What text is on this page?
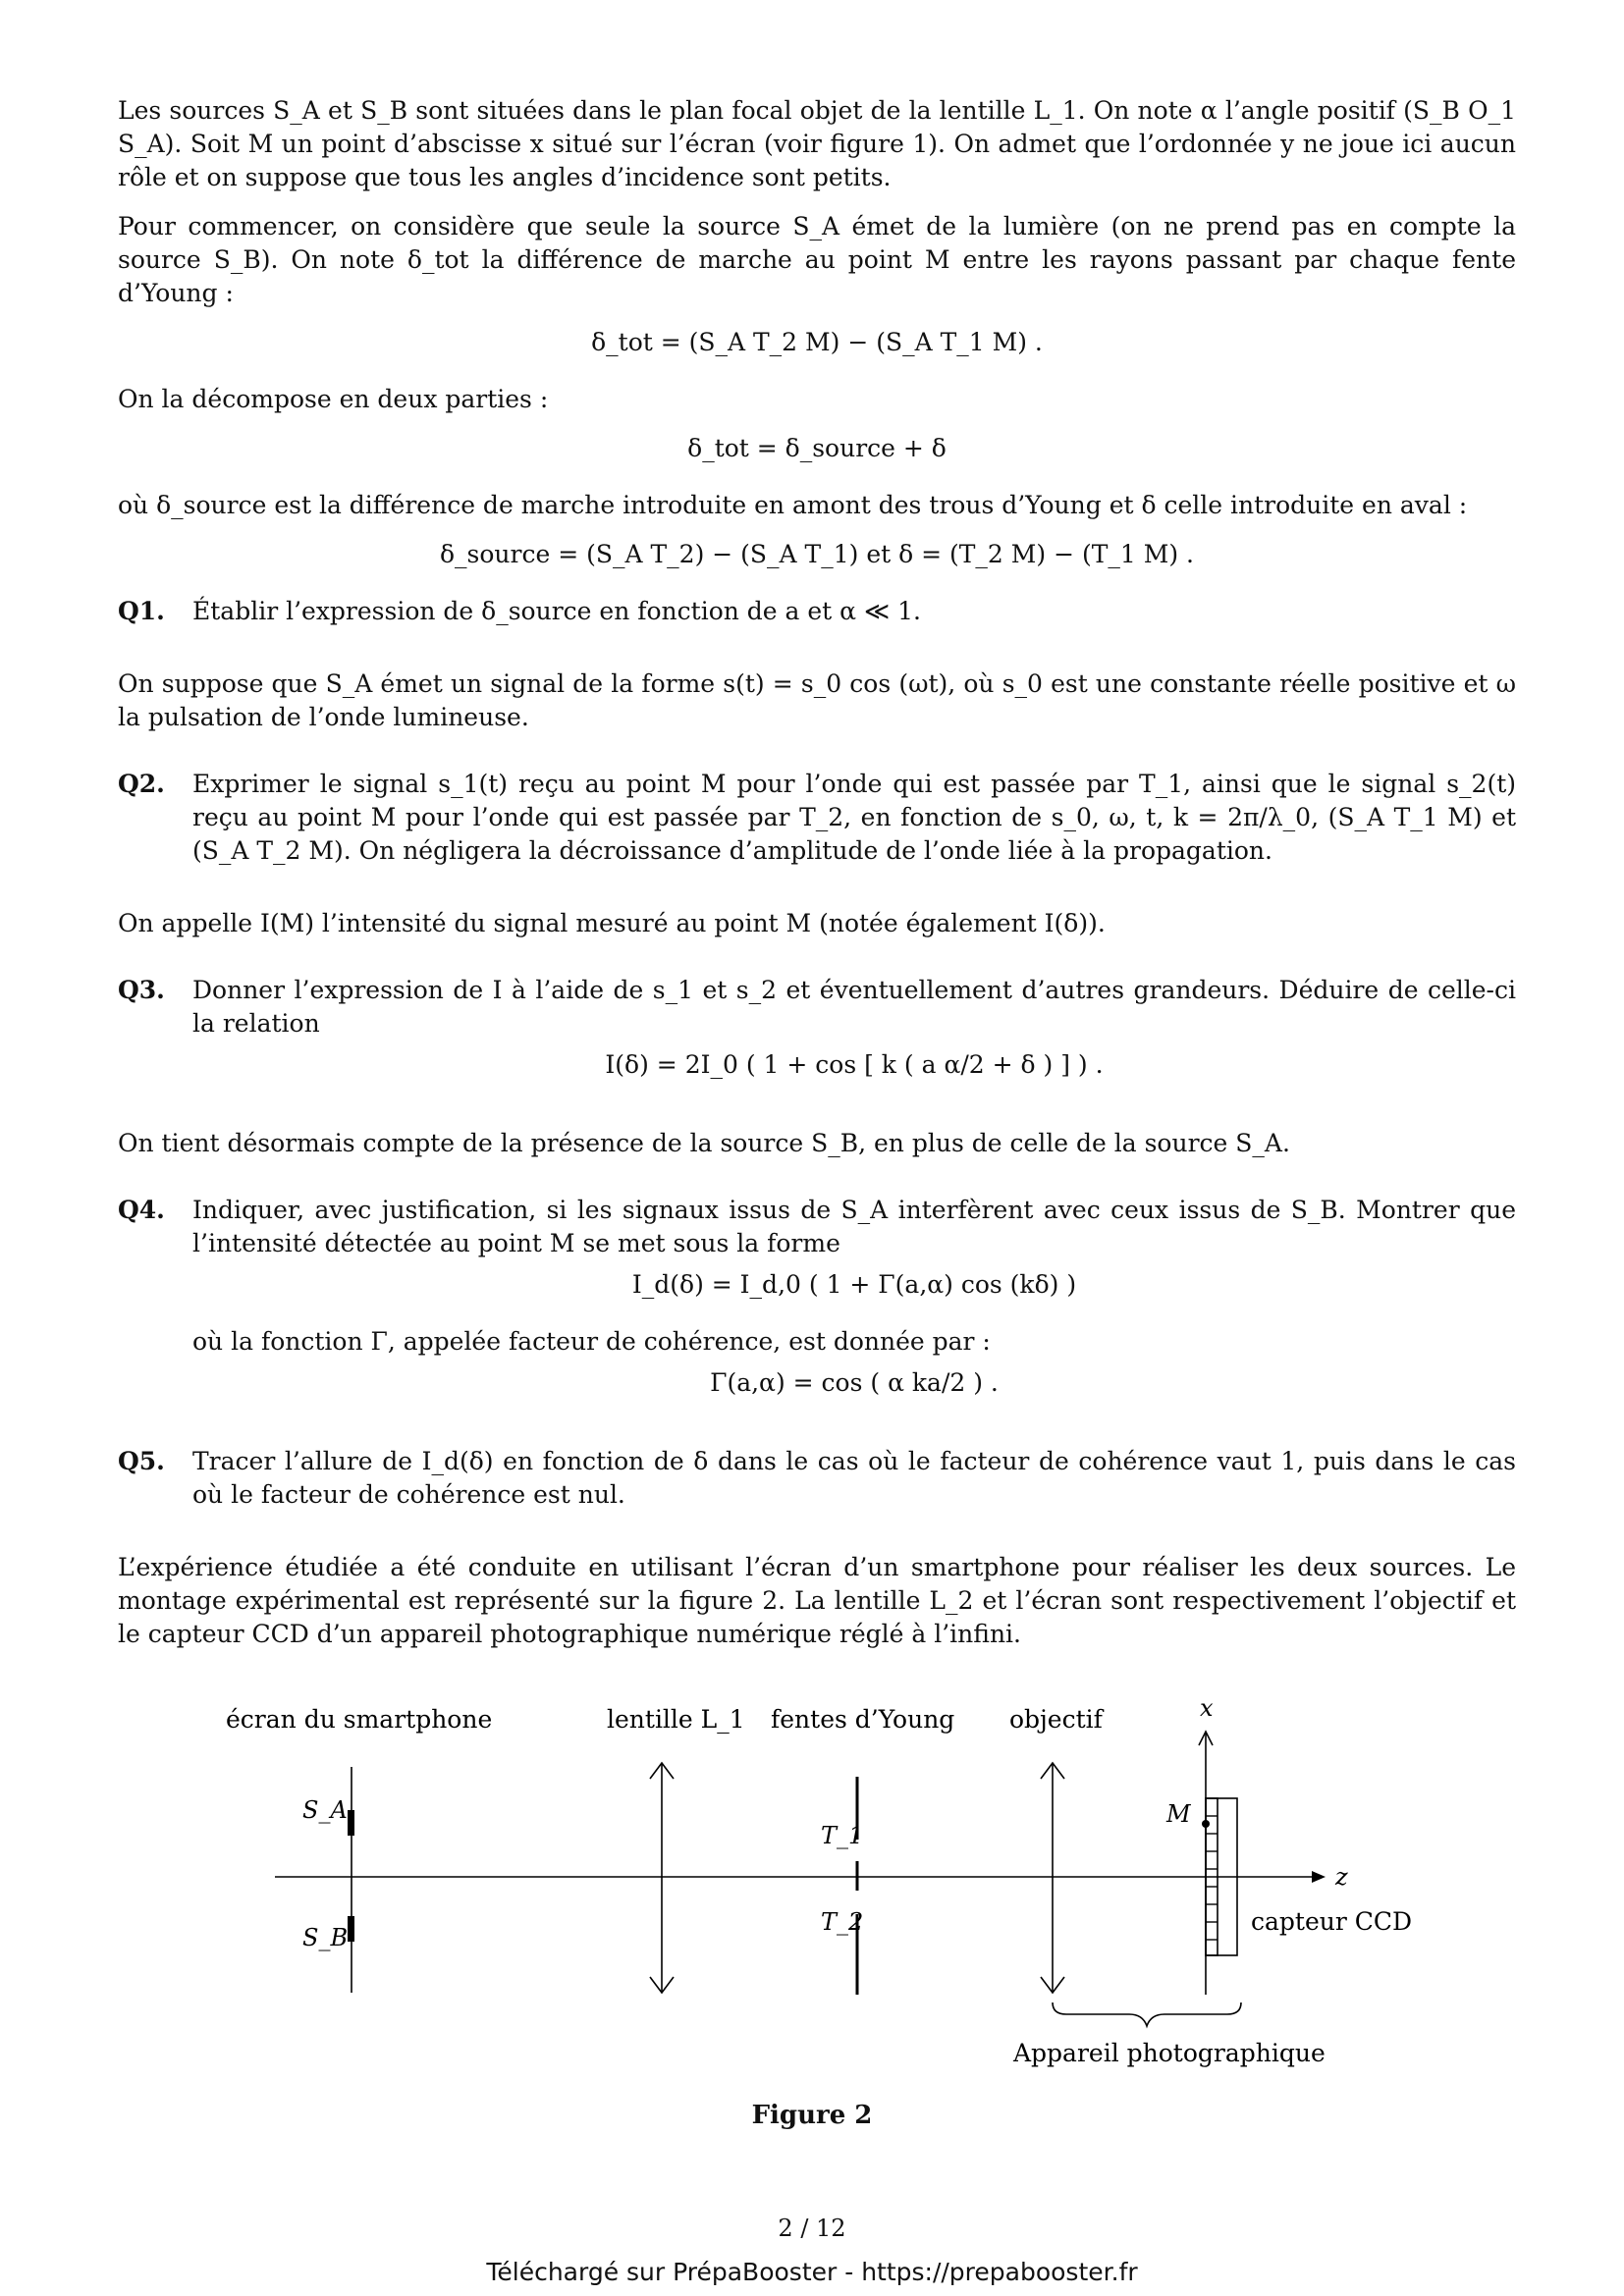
Les sources S_A et S_B sont situées dans le plan focal objet de la lentille L_1. On note α l’angle positif (S_B O_1 S_A). Soit M un point d’abscisse x situé sur l’écran (voir figure 1). On admet que l’ordonnée y ne joue ici aucun rôle et on suppose que tous les angles d’incidence sont petits.

Pour commencer, on considère que seule la source S_A émet de la lumière (on ne prend pas en compte la source S_B). On note δ_tot la différence de marche au point M entre les rayons passant par chaque fente d’Young :

δ_tot = (S_A T_2 M) − (S_A T_1 M) .

On la décompose en deux parties :

δ_tot = δ_source + δ

où δ_source est la différence de marche introduite en amont des trous d’Young et δ celle introduite en aval :

δ_source = (S_A T_2) − (S_A T_1) et δ = (T_2 M) − (T_1 M) .
Q1.	Établir l’expression de δ_source en fonction de a et α ≪ 1.

On suppose que S_A émet un signal de la forme s(t) = s_0 cos (ωt), où s_0 est une constante réelle positive et ω la pulsation de l’onde lumineuse.

Q2.	Exprimer le signal s_1(t) reçu au point M pour l’onde qui est passée par T_1, ainsi que le signal s_2(t) reçu au point M pour l’onde qui est passée par T_2, en fonction de s_0, ω, t, k = 2π/λ_0, (S_A T_1 M) et (S_A T_2 M). On négligera la décroissance d’amplitude de l’onde liée à la propagation.

On appelle I(M) l’intensité du signal mesuré au point M (notée également I(δ)).

Q3.	Donner l’expression de I à l’aide de s_1 et s_2 et éventuellement d’autres grandeurs. Déduire de celle-ci la relation
I(δ) = 2I_0 ( 1 + cos [ k ( a α/2 + δ ) ] ) .

On tient désormais compte de la présence de la source S_B, en plus de celle de la source S_A.

Q4.	Indiquer, avec justification, si les signaux issus de S_A interfèrent avec ceux issus de S_B. Montrer que l’intensité détectée au point M se met sous la forme
I_d(δ) = I_d,0 ( 1 + Γ(a,α) cos (kδ) )
où la fonction Γ, appelée facteur de cohérence, est donnée par :
Γ(a,α) = cos ( α ka/2 ) .
Q5.	Tracer l’allure de I_d(δ) en fonction de δ dans le cas où le facteur de cohérence vaut 1, puis dans le cas où le facteur de cohérence est nul.

L’expérience étudiée a été conduite en utilisant l’écran d’un smartphone pour réaliser les deux sources. Le montage expérimental est représenté sur la figure 2. La lentille L_2 et l’écran sont respectivement l’objectif et le capteur CCD d’un appareil photographique numérique réglé à l’infini.

z
écran du smartphone
S_A
S_B
lentille L_1 fentes d’Young
T_1
T_2
objectif	x
M
capteur CCD
Appareil photographique
Figure 2
2 / 12
Téléchargé sur PrépaBooster - https://prepabooster.fr
